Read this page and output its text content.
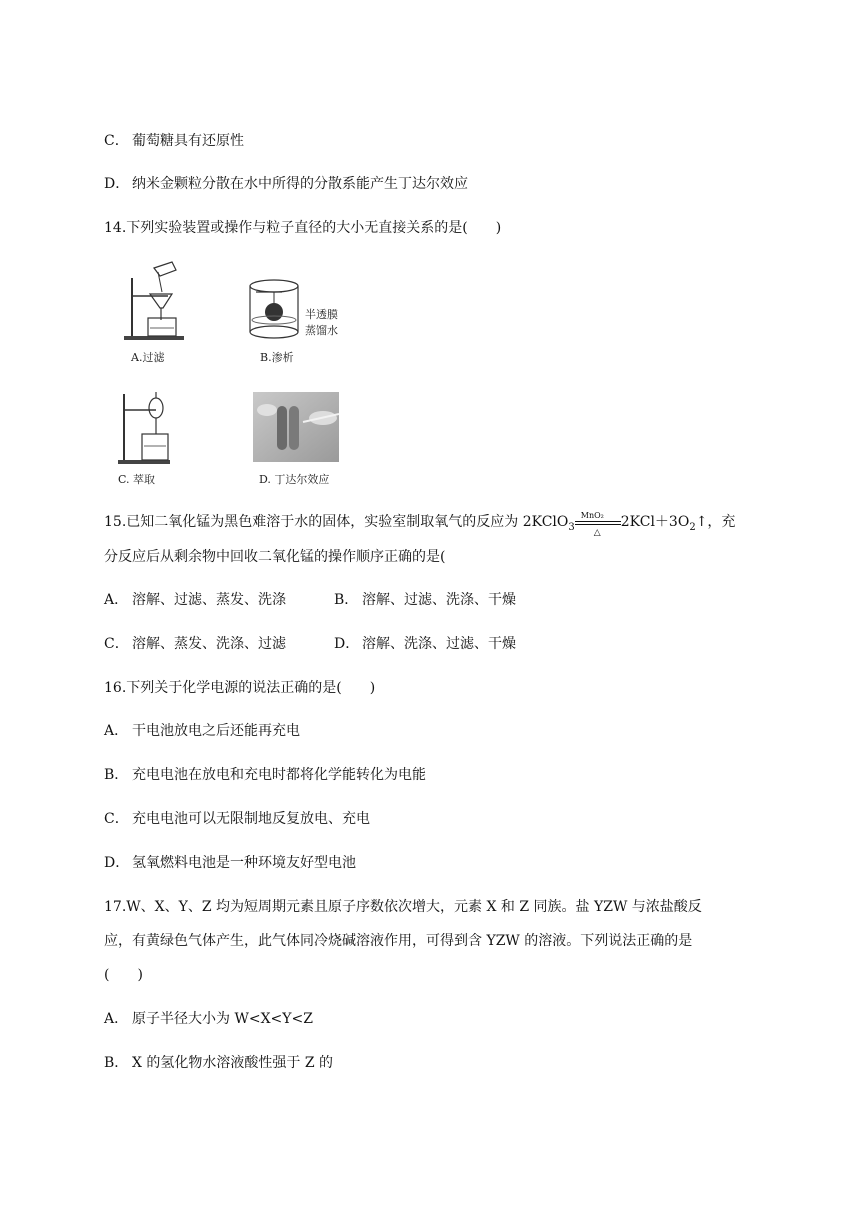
C． 葡萄糖具有还原性
D． 纳米金颗粒分散在水中所得的分散系能产生丁达尔效应
14.下列实验装置或操作与粒子直径的大小无直接关系的是(　　)
A.过滤
半透膜
蒸馏水
B.渗析
C. 萃取	D. 丁达尔效应
15.已知二氧化锰为黑色难溶于水的固体，实验室制取氧气的反应为 2KClO$_3$
MnO₂
△
$2KCl+3O_2↑$，充
分反应后从剩余物中回收二氧化锰的操作顺序正确的是(
A． 溶解、过滤、蒸发、洗涤	B． 溶解、过滤、洗涤、干燥
C． 溶解、蒸发、洗涤、过滤	D． 溶解、洗涤、过滤、干燥
16.下列关于化学电源的说法正确的是(　　)
A． 干电池放电之后还能再充电
B． 充电电池在放电和充电时都将化学能转化为电能
C． 充电电池可以无限制地反复放电、充电
D． 氢氧燃料电池是一种环境友好型电池
17.W、X、Y、Z 均为短周期元素且原子序数依次增大，元素 X 和 Z 同族。盐 YZW 与浓盐酸反
应，有黄绿色气体产生，此气体同冷烧碱溶液作用，可得到含 YZW 的溶液。下列说法正确的是
(　　)
A． 原子半径大小为 W<X<Y<Z
B． X 的氢化物水溶液酸性强于 Z 的
